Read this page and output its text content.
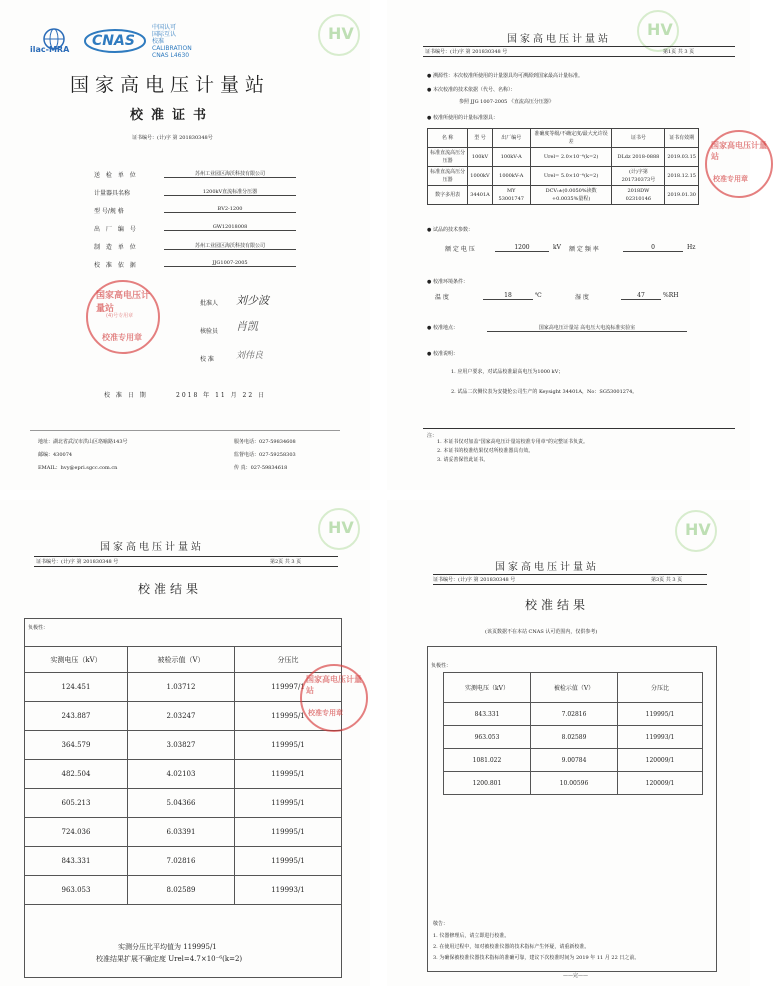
HV
ilac-MRA
CNAS
中国认可
国际互认
校准
CALIBRATION
CNAS L4630
国家高电压计量站
校准证书
证书编号：(计)字 第 201830348号
送 检 单 位	苏州工业园区海沃科技有限公司
计量器具名称	1200kV直流标准分压器
型 号/规 格	BV2-1200
出 厂 编 号	GW12018008
制 造 单 位	苏州工业园区海沃科技有限公司
校 准 依 据	JJG1007-2005
国家高电压计量站
(4)号专用章
校准专用章
批准人 刘少波
核验员 肖凯
校 准 刘伟良
校 准 日 期	2018 年 11 月 22 日
地址：湖北省武汉市洪山区珞喻路143号
邮编：430074
EMAIL：hvy@epri.sgcc.com.cn
服务电话：027-59834608
监督电话：027-59258303
传 真：027-59834618
HV
国家高电压计量站
证书编号：(计)字 第 201830348 号	第1页 共 3 页
● 溯源性：本次校准所使用的计量器具均可溯源到国家最高计量标准。
● 本次校准的技术依据（代号、名称）：
参照 JJG 1007-2005 《直流高压分压器》
● 校准所使用的计量标准器具：
名 称	型 号	出厂编号	准确度等级/不确定度/最大允许误差	证书号	证书有效期
标准直流高压分压器	100kV	100kV-A	Urel= 2.0×10⁻⁶(k=2)	DLdz 2018-0888	2019.03.15
标准直流高压分压器	1000kV	1000kV-A	Urel= 5.0×10⁻⁶(k=2)	(计)字第 201730373号	2018.12.15
数字多用表	34401A	MY 53001747	DCV:±(0.0050%读数+0.0035%量程)	2018DW 02310146	2019.01.30
国家高电压计量站
校准专用章
● 试品的技术参数：
额 定 电 压	1200	kV 额 定 频 率	0	Hz
● 校准环境条件：
温 度	18	℃	湿 度	47	%RH
● 校准地点：	国家高电压计量站 高电压大电流标准实验室
● 校准说明：
1. 应用户要求，对试品校准最高电压为1000 kV；
2. 试品二次侧仪表为安捷伦公司生产的 Keysight 34401A，No：SG53001274。
注：
1. 本证书仅对加盖"国家高电压计量站校准专用章"的完整证书负责。
2. 本证书的校准结果仅对所校准器具有效。
3. 请妥善保管此证书。
HV
国家高电压计量站
证书编号：(计)字 第 201830348 号	第2页 共 3 页
校准结果
负极性：
实测电压（kV）	被检示值（V）	分压比
124.451	1.03712	119997/1
243.887	2.03247	119995/1
364.579	3.03827	119995/1
482.504	4.02103	119995/1
605.213	5.04366	119995/1
724.036	6.03391	119995/1
843.331	7.02816	119995/1
963.053	8.02589	119993/1
国家高电压计量站
校准专用章
实测分压比平均值为 119995/1
校准结果扩展不确定度 Urel=4.7×10⁻⁶(k=2)
HV
国家高电压计量站
证书编号：(计)字 第 201830348 号	第3页 共 3 页
校准结果
(该页数据不在本站 CNAS 认可范围内，仅供参考)
负极性：
实测电压（kV）	被检示值（V）	分压比
843.331	7.02816	119995/1
963.053	8.02589	119993/1
1081.022	9.00784	120009/1
1200.801	10.00596	120009/1
敬告：
1. 仪器修理后，请立即进行校准。
2. 在使用过程中，如对被校准仪器的技术指标产生怀疑，请重新校准。
3. 为确保被校准仪器技术指标的准确可靠，建议下次校准时间为 2019 年 11 月 22 日之前。
——完——
